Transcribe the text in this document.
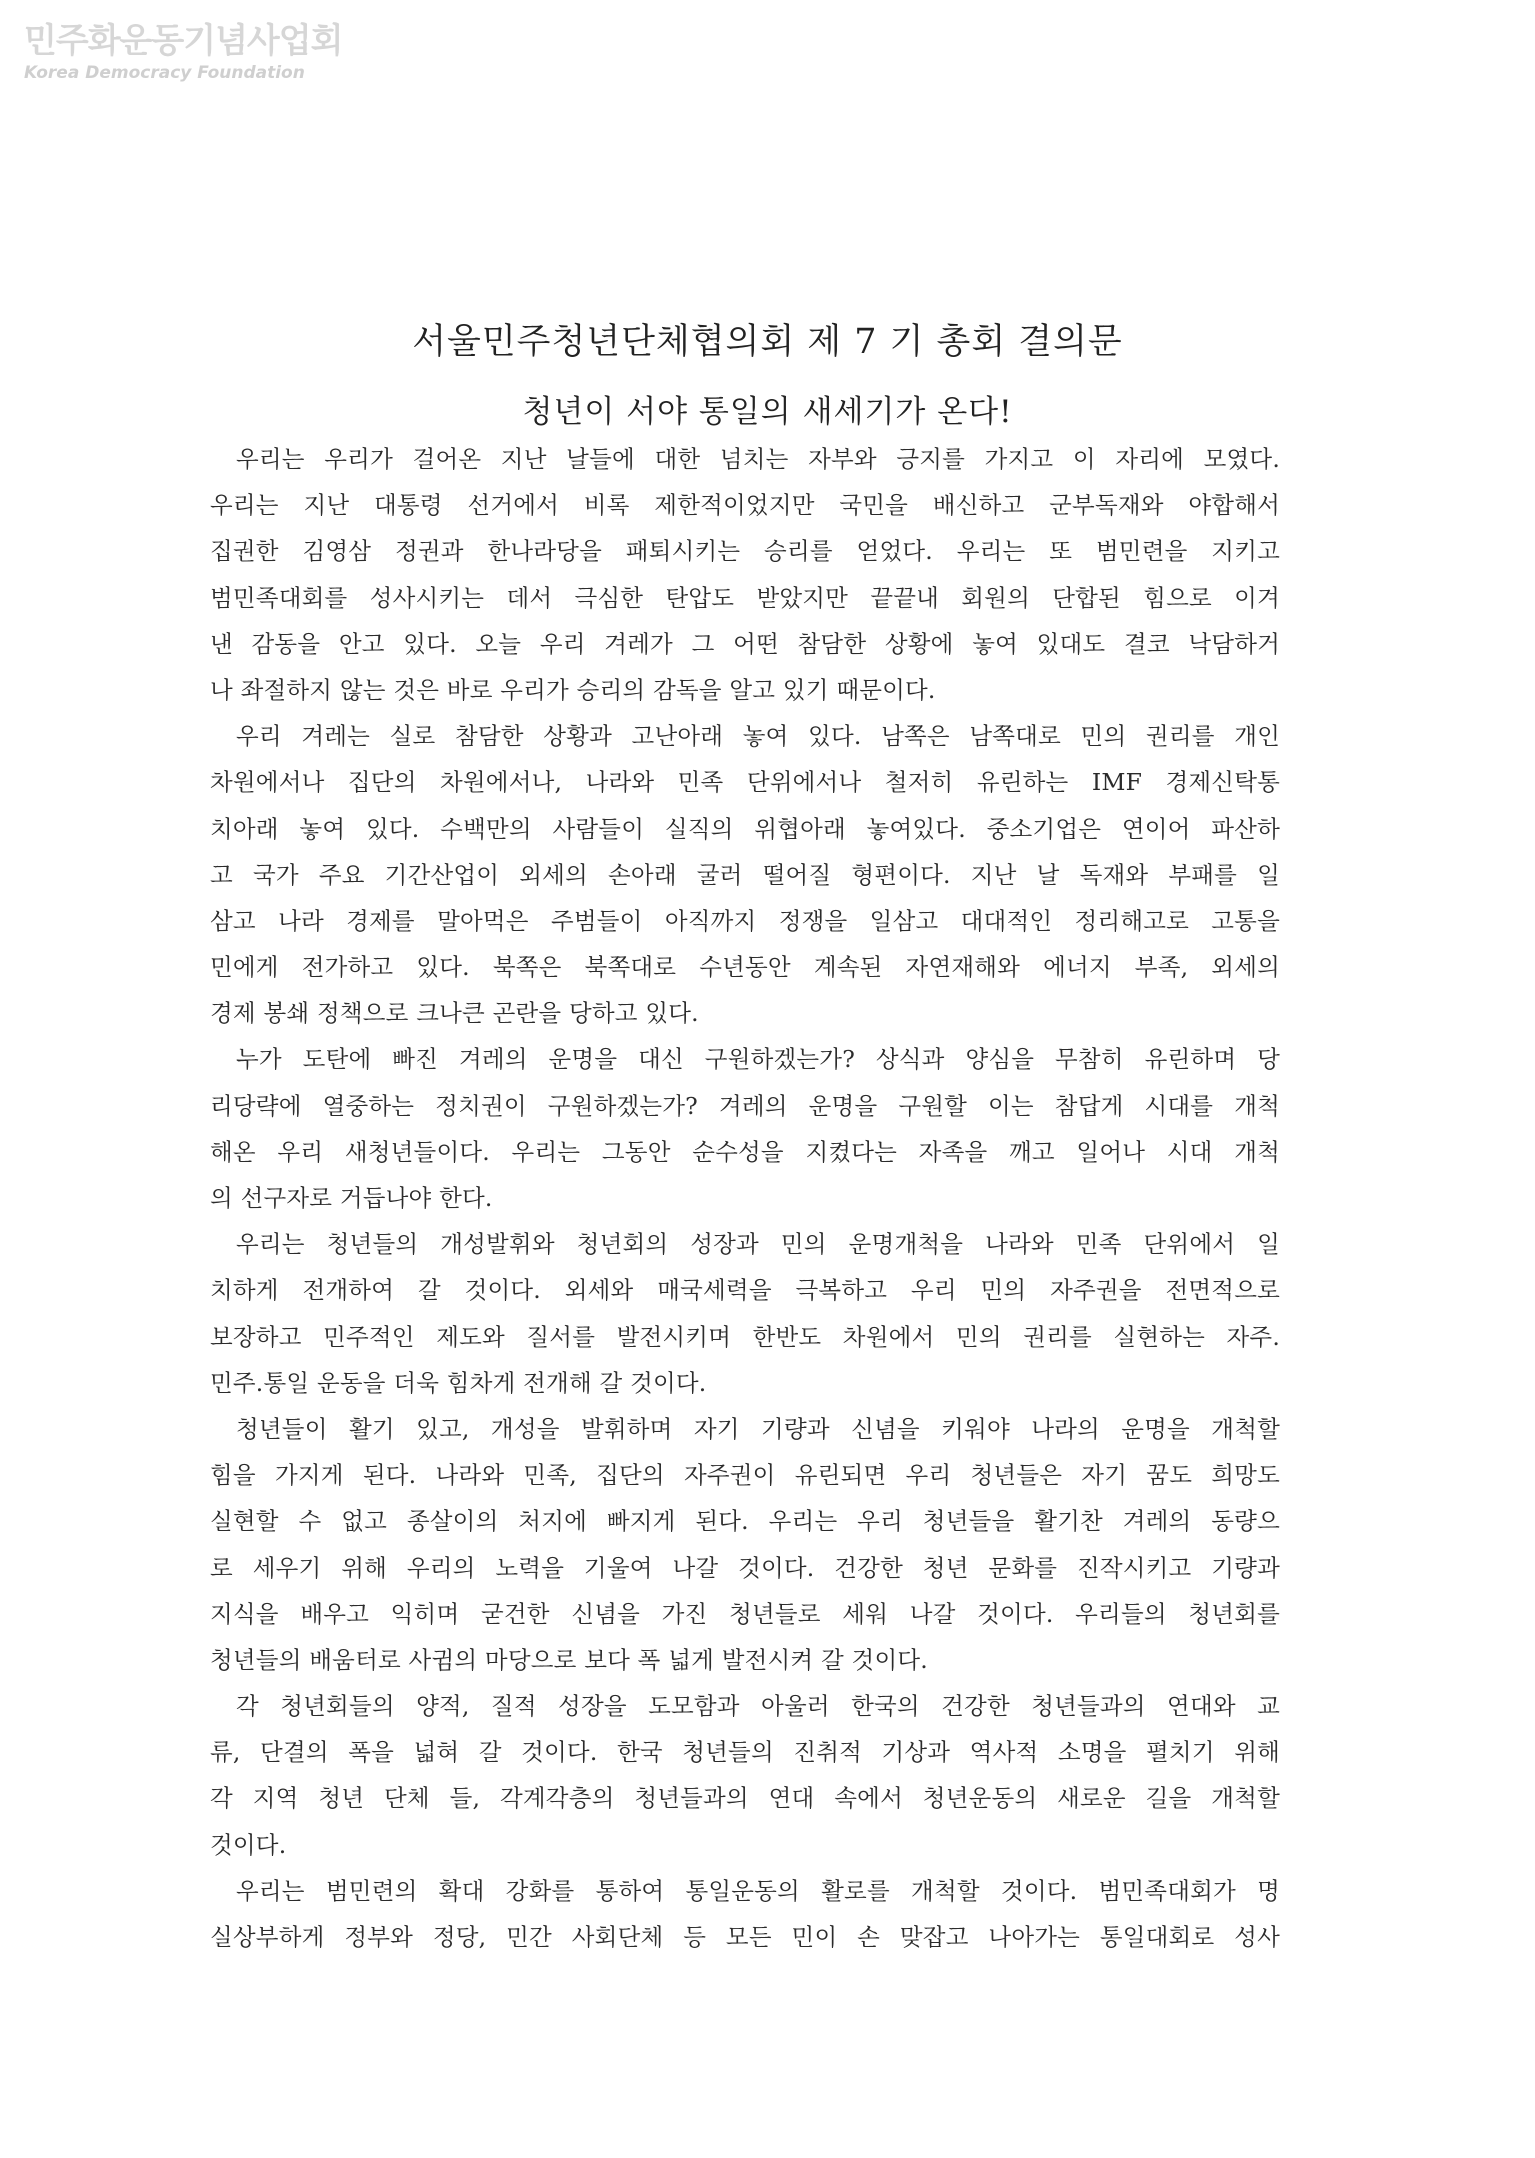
민주화운동기념사업회
Korea Democracy Foundation
서울민주청년단체협의회 제 7 기 총회 결의문
청년이 서야 통일의 새세기가 온다!
우리는 우리가 걸어온 지난 날들에 대한 넘치는 자부와 긍지를 가지고 이 자리에 모였다.
우리는 지난 대통령 선거에서 비록 제한적이었지만 국민을 배신하고 군부독재와 야합해서
집권한 김영삼 정권과 한나라당을 패퇴시키는 승리를 얻었다. 우리는 또 범민련을 지키고
범민족대회를 성사시키는 데서 극심한 탄압도 받았지만 끝끝내 회원의 단합된 힘으로 이겨
낸 감동을 안고 있다. 오늘 우리 겨레가 그 어떤 참담한 상황에 놓여 있대도 결코 낙담하거
나 좌절하지 않는 것은 바로 우리가 승리의 감독을 알고 있기 때문이다.
우리 겨레는 실로 참담한 상황과 고난아래 놓여 있다. 남쪽은 남쪽대로 민의 권리를 개인
차원에서나 집단의 차원에서나, 나라와 민족 단위에서나 철저히 유린하는 IMF 경제신탁통
치아래 놓여 있다. 수백만의 사람들이 실직의 위협아래 놓여있다. 중소기업은 연이어 파산하
고 국가 주요 기간산업이 외세의 손아래 굴러 떨어질 형편이다. 지난 날 독재와 부패를 일
삼고 나라 경제를 말아먹은 주범들이 아직까지 정쟁을 일삼고 대대적인 정리해고로 고통을
민에게 전가하고 있다. 북쪽은 북쪽대로 수년동안 계속된 자연재해와 에너지 부족, 외세의
경제 봉쇄 정책으로 크나큰 곤란을 당하고 있다.
누가 도탄에 빠진 겨레의 운명을 대신 구원하겠는가? 상식과 양심을 무참히 유린하며 당
리당략에 열중하는 정치권이 구원하겠는가? 겨레의 운명을 구원할 이는 참답게 시대를 개척
해온 우리 새청년들이다. 우리는 그동안 순수성을 지켰다는 자족을 깨고 일어나 시대 개척
의 선구자로 거듭나야 한다.
우리는 청년들의 개성발휘와 청년회의 성장과 민의 운명개척을 나라와 민족 단위에서 일
치하게 전개하여 갈 것이다. 외세와 매국세력을 극복하고 우리 민의 자주권을 전면적으로
보장하고 민주적인 제도와 질서를 발전시키며 한반도 차원에서 민의 권리를 실현하는 자주.
민주.통일 운동을 더욱 힘차게 전개해 갈 것이다.
청년들이 활기 있고, 개성을 발휘하며 자기 기량과 신념을 키워야 나라의 운명을 개척할
힘을 가지게 된다. 나라와 민족, 집단의 자주권이 유린되면 우리 청년들은 자기 꿈도 희망도
실현할 수 없고 종살이의 처지에 빠지게 된다. 우리는 우리 청년들을 활기찬 겨레의 동량으
로 세우기 위해 우리의 노력을 기울여 나갈 것이다. 건강한 청년 문화를 진작시키고 기량과
지식을 배우고 익히며 굳건한 신념을 가진 청년들로 세워 나갈 것이다. 우리들의 청년회를
청년들의 배움터로 사귐의 마당으로 보다 폭 넓게 발전시켜 갈 것이다.
각 청년회들의 양적, 질적 성장을 도모함과 아울러 한국의 건강한 청년들과의 연대와 교
류, 단결의 폭을 넓혀 갈 것이다. 한국 청년들의 진취적 기상과 역사적 소명을 펼치기 위해
각 지역 청년 단체 들, 각계각층의 청년들과의 연대 속에서 청년운동의 새로운 길을 개척할
것이다.
우리는 범민련의 확대 강화를 통하여 통일운동의 활로를 개척할 것이다. 범민족대회가 명
실상부하게 정부와 정당, 민간 사회단체 등 모든 민이 손 맞잡고 나아가는 통일대회로 성사
